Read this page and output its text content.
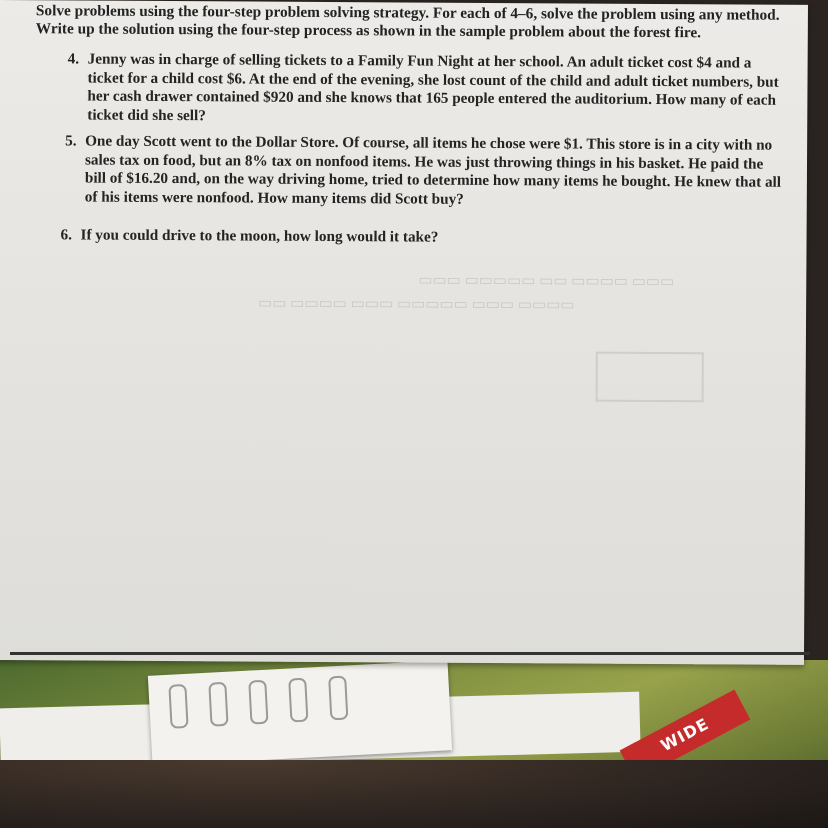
WIDE
▭▭▭ ▭▭▭▭ ▭▭ ▭▭▭▭▭ ▭▭▭
▭▭▭▭ ▭▭▭ ▭▭▭▭▭ ▭▭▭ ▭▭▭▭ ▭▭
Solve problems using the four-step problem solving strategy. For each of 4–6, solve the problem using any method. Write up the solution using the four-step process as shown in the sample problem about the forest fire.
4. Jenny was in charge of selling tickets to a Family Fun Night at her school. An adult ticket cost $4 and a ticket for a child cost $6. At the end of the evening, she lost count of the child and adult ticket numbers, but her cash drawer contained $920 and she knows that 165 people entered the auditorium. How many of each ticket did she sell?
5. One day Scott went to the Dollar Store. Of course, all items he chose were $1. This store is in a city with no sales tax on food, but an 8% tax on nonfood items. He was just throwing things in his basket. He paid the bill of $16.20 and, on the way driving home, tried to determine how many items he bought. He knew that all of his items were nonfood. How many items did Scott buy?
6. If you could drive to the moon, how long would it take?
